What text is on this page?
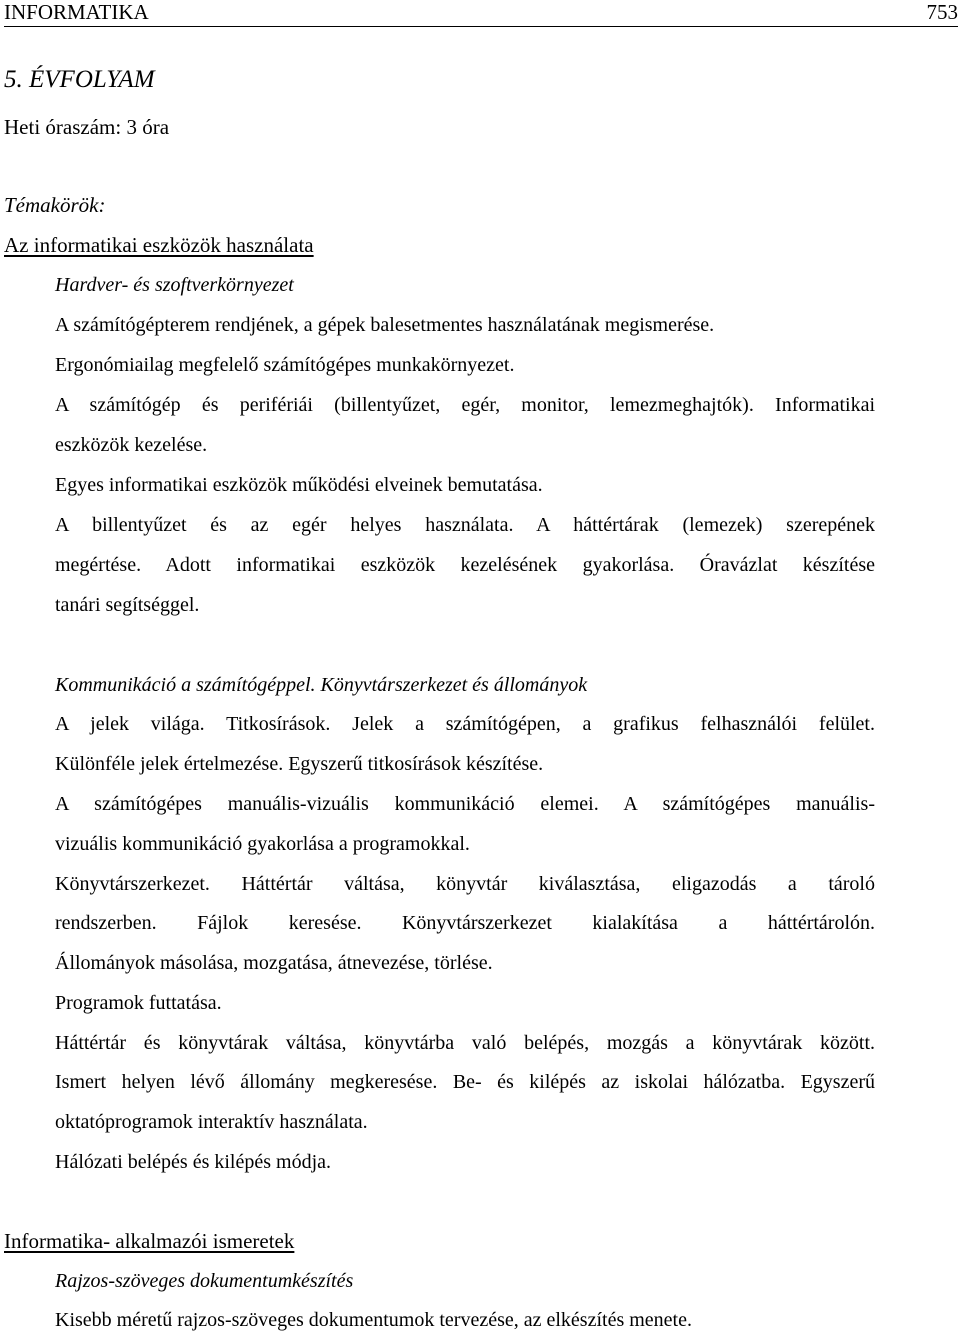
INFORMATIKA	753
5. ÉVFOLYAM
Heti óraszám: 3 óra
Témakörök:
Az informatikai eszközök használata
Hardver- és szoftverkörnyezet
A számítógépterem rendjének, a gépek balesetmentes használatának megismerése.
Ergonómiailag megfelelő számítógépes munkakörnyezet.
A számítógép és perifériái (billentyűzet, egér, monitor, lemezmeghajtók). Informatikai
eszközök kezelése.
Egyes informatikai eszközök működési elveinek bemutatása.
A billentyűzet és az egér helyes használata. A háttértárak (lemezek) szerepének
megértése. Adott informatikai eszközök kezelésének gyakorlása. Óravázlat készítése
tanári segítséggel.
Kommunikáció a számítógéppel. Könyvtárszerkezet és állományok
A jelek világa. Titkosírások. Jelek a számítógépen, a grafikus felhasználói felület.
Különféle jelek értelmezése. Egyszerű titkosírások készítése.
A számítógépes manuális-vizuális kommunikáció elemei. A számítógépes manuális-
vizuális kommunikáció gyakorlása a programokkal.
Könyvtárszerkezet. Háttértár váltása, könyvtár kiválasztása, eligazodás a tároló
rendszerben. Fájlok keresése. Könyvtárszerkezet kialakítása a háttértárolón.
Állományok másolása, mozgatása, átnevezése, törlése.
Programok futtatása.
Háttértár és könyvtárak váltása, könyvtárba való belépés, mozgás a könyvtárak között.
Ismert helyen lévő állomány megkeresése. Be- és kilépés az iskolai hálózatba. Egyszerű
oktatóprogramok interaktív használata.
Hálózati belépés és kilépés módja.
Informatika- alkalmazói ismeretek
Rajzos-szöveges dokumentumkészítés
Kisebb méretű rajzos-szöveges dokumentumok tervezése, az elkészítés menete.
